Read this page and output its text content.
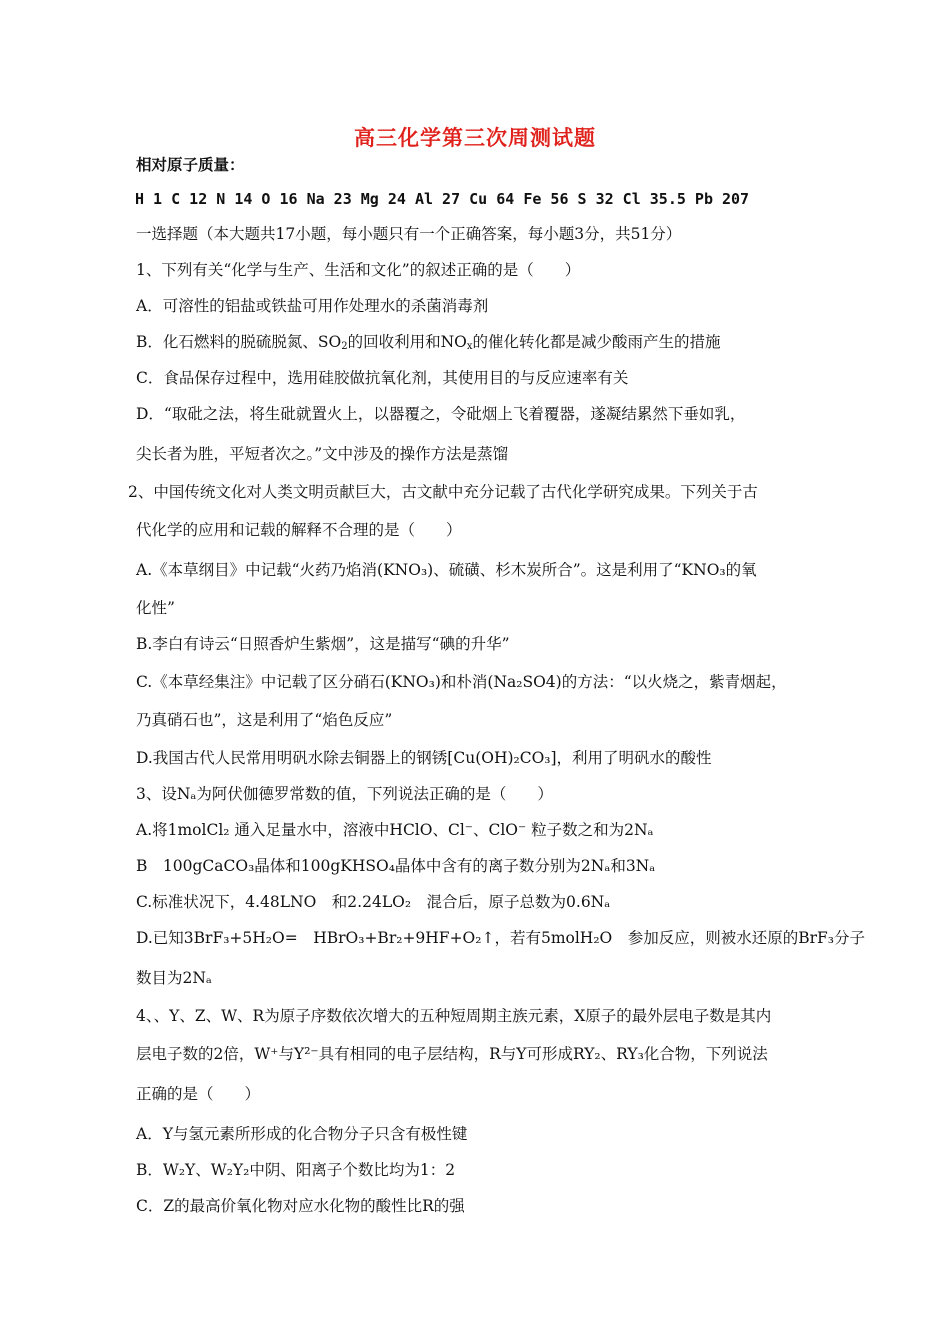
高三化学第三次周测试题
相对原子质量：
H 1 C 12 N 14 O 16 Na 23 Mg 24 Al 27 Cu 64 Fe 56 S 32 Cl 35.5 Pb 207
一选择题（本大题共17小题，每小题只有一个正确答案，每小题3分，共51分）
1、下列有关“化学与生产、生活和文化”的叙述正确的是（　　）
A．可溶性的铝盐或铁盐可用作处理水的杀菌消毒剂
B．化石燃料的脱硫脱氮、$SO_2$的回收利用和$NO_x$的催化转化都是减少酸雨产生的措施
C．食品保存过程中，选用硅胶做抗氧化剂，其使用目的与反应速率有关
D．“取砒之法，将生砒就置火上，以器覆之，令砒烟上飞着覆器，遂凝结累然下垂如乳，
尖长者为胜，平短者次之。”文中涉及的操作方法是蒸馏
2、中国传统文化对人类文明贡献巨大，古文献中充分记载了古代化学研究成果。下列关于古
代化学的应用和记载的解释不合理的是（　　）
A.《本草纲目》中记载“火药乃焰消(KNO₃)、硫磺、杉木炭所合”。这是利用了“KNO₃的氧
化性”
B.李白有诗云“日照香炉生紫烟”，这是描写“碘的升华”
C.《本草经集注》中记载了区分硝石(KNO₃)和朴消(Na₂SO4)的方法：“以火烧之，紫青烟起，
乃真硝石也”，这是利用了“焰色反应”
D.我国古代人民常用明矾水除去铜器上的钢锈[Cu(OH)₂CO₃]，利用了明矾水的酸性
3、设Nₐ为阿伏伽德罗常数的值，下列说法正确的是（　　）
A.将1molCl₂ 通入足量水中，溶液中HClO、Cl⁻、ClO⁻ 粒子数之和为2Nₐ
B　100gCaCO₃晶体和100gKHSO₄晶体中含有的离子数分别为2Nₐ和3Nₐ
C.标准状况下，4.48LNO　和2.24LO₂　混合后，原子总数为0.6Nₐ
D.已知3BrF₃+5H₂O=　HBrO₃+Br₂+9HF+O₂↑，若有5molH₂O　参加反应，则被水还原的BrF₃分子
数目为2Nₐ
4、、Y、Z、W、R为原子序数依次增大的五种短周期主族元素，X原子的最外层电子数是其内
层电子数的2倍，W⁺与Y²⁻具有相同的电子层结构，R与Y可形成RY₂、RY₃化合物，下列说法
正确的是（　　）
A．Y与氢元素所形成的化合物分子只含有极性键
B．W₂Y、W₂Y₂中阴、阳离子个数比均为1：2
C．Z的最高价氧化物对应水化物的酸性比R的强
